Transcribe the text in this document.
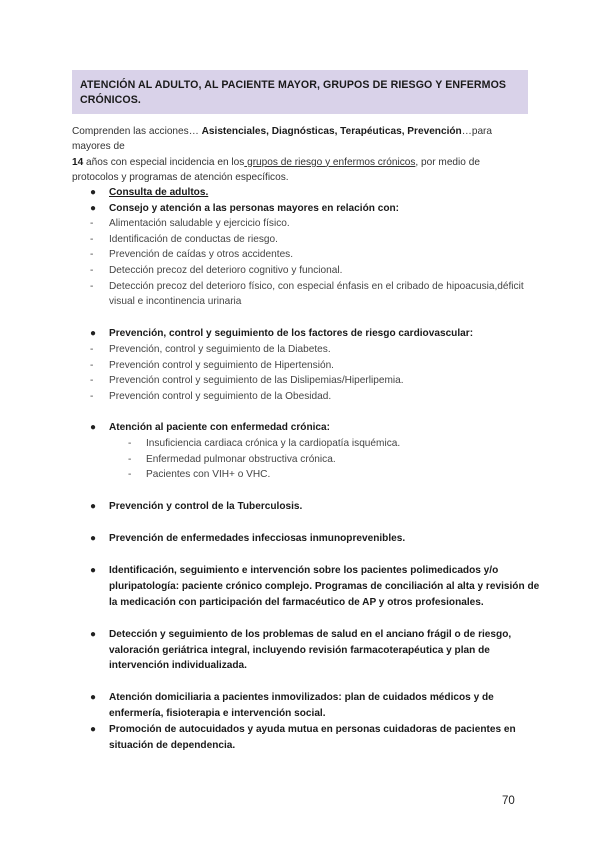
ATENCIÓN AL ADULTO, AL PACIENTE MAYOR, GRUPOS DE RIESGO Y ENFERMOS
CRÓNICOS.
Comprenden las acciones… Asistenciales, Diagnósticas, Terapéuticas, Prevención…para mayores de
14 años con especial incidencia en los grupos de riesgo y enfermos crónicos, por medio de
protocolos y programas de atención específicos.
● Consulta de adultos.
● Consejo y atención a las personas mayores en relación con:
- Alimentación saludable y ejercicio físico.
- Identificación de conductas de riesgo.
- Prevención de caídas y otros accidentes.
- Detección precoz del deterioro cognitivo y funcional.
- Detección precoz del deterioro físico, con especial énfasis en el cribado de hipoacusia,déficit
visual e incontinencia urinaria
● Prevención, control y seguimiento de los factores de riesgo cardiovascular:
- Prevención, control y seguimiento de la Diabetes.
- Prevención control y seguimiento de Hipertensión.
- Prevención control y seguimiento de las Dislipemias/Hiperlipemia.
- Prevención control y seguimiento de la Obesidad.
● Atención al paciente con enfermedad crónica:
- Insuficiencia cardiaca crónica y la cardiopatía isquémica.
- Enfermedad pulmonar obstructiva crónica.
- Pacientes con VIH+ o VHC.
● Prevención y control de la Tuberculosis.
● Prevención de enfermedades infecciosas inmunoprevenibles.
● Identificación, seguimiento e intervención sobre los pacientes polimedicados y/o
pluripatología: paciente crónico complejo. Programas de conciliación al alta y revisión de
la medicación con participación del farmacéutico de AP y otros profesionales.
● Detección y seguimiento de los problemas de salud en el anciano frágil o de riesgo,
valoración geriátrica integral, incluyendo revisión farmacoterapéutica y plan de
intervención individualizada.
● Atención domiciliaria a pacientes inmovilizados: plan de cuidados médicos y de
enfermería, fisioterapia e intervención social.
● Promoción de autocuidados y ayuda mutua en personas cuidadoras de pacientes en
situación de dependencia.
70
